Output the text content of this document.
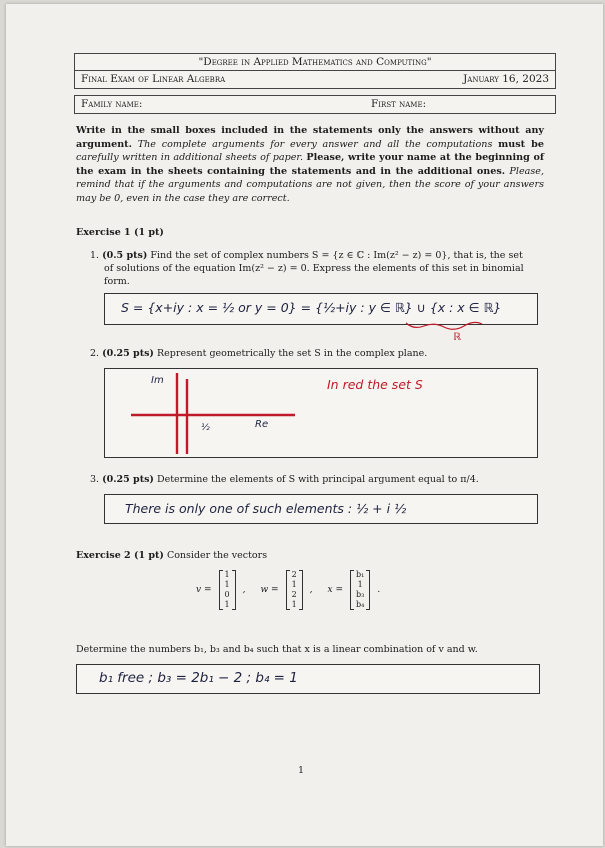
"Degree in Applied Mathematics and Computing"
Final Exam of Linear Algebra	January 16, 2023
Family name:	First name:
Write in the small boxes included in the statements only the answers without any argument. The complete arguments for every answer and all the computations must be carefully written in additional sheets of paper. Please, write your name at the beginning of the exam in the sheets containing the statements and in the additional ones. Please, remind that if the arguments and computations are not given, then the score of your answers may be 0, even in the case they are correct.
Exercise 1 (1 pt)
1. (0.5 pts) Find the set of complex numbers S = {z ∈ ℂ : Im(z² − z) = 0}, that is, the set
of solutions of the equation Im(z² − z) = 0. Express the elements of this set in binomial
form.
S = {x+iy : x = ½ or y = 0} = {½+iy : y ∈ ℝ} ∪ {x : x ∈ ℝ}
ℝ
2. (0.25 pts) Represent geometrically the set S in the complex plane.
Im
Re
½
In red the set S
3. (0.25 pts) Determine the elements of S with principal argument equal to π/4.
There is only one of such elements : ½ + i ½
Exercise 2 (1 pt) Consider the vectors
v =
1
1
0
1
, w =
2
1
2
1
, x =
b₁
1
b₃
b₄
.
Determine the numbers b₁, b₃ and b₄ such that x is a linear combination of v and w.
b₁ free ; b₃ = 2b₁ − 2 ; b₄ = 1
1
